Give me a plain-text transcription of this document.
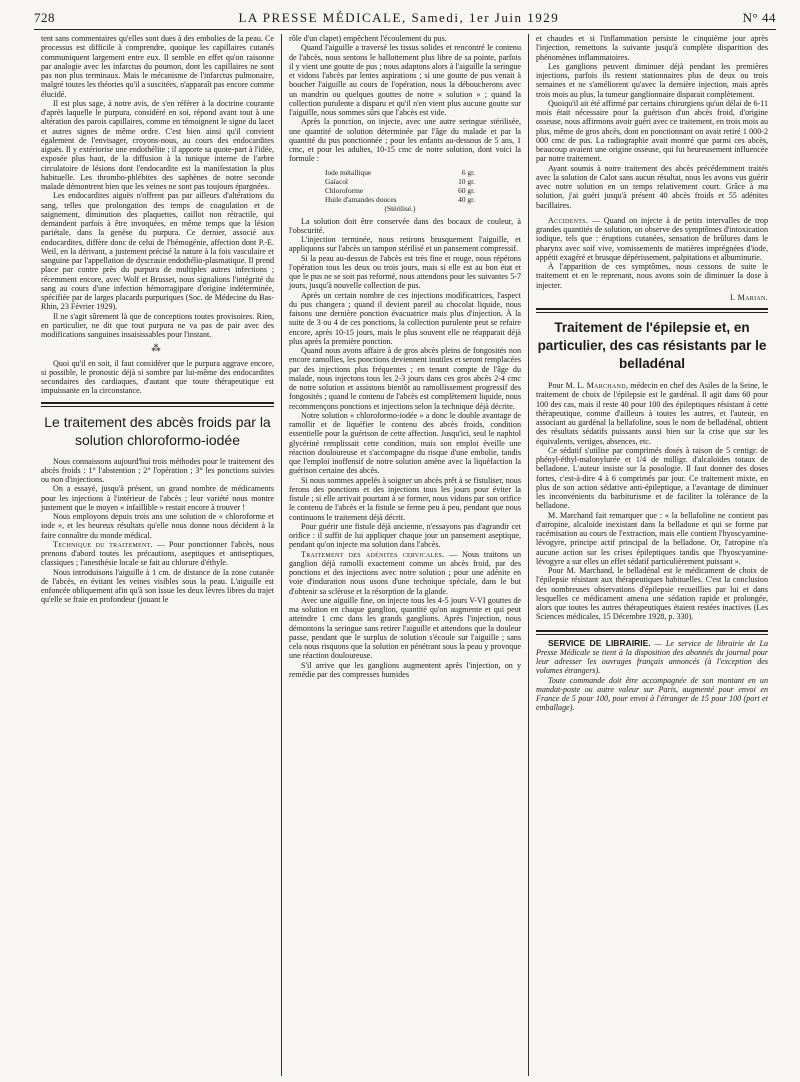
728	LA PRESSE MÉDICALE, Samedi, 1er Juin 1929	N° 44

tent sans commentaires qu'elles sont dues à des embolies de la peau. Ce processus est difficile à comprendre, quoique les capillaires cutanés communiquent largement entre eux. Il semble en effet qu'on raisonne par analogie avec les infarctus du poumon, dont les capillaires ne sont pas non plus terminaux. Mais le mécanisme de l'infarctus pulmonaire, malgré toutes les théories qu'il a suscitées, n'apparaît pas encore comme élucidé.

Il est plus sage, à notre avis, de s'en référer à la doctrine courante d'après laquelle le purpura, considéré en soi, répond avant tout à une altération des parois capillaires, comme en témoignent le signe du lacet et autres signes de même ordre. C'est bien ainsi qu'il convient également de l'envisager, croyons-nous, au cours des endocardites aiguës. Il y extériorise une endothélite ; il apporte sa quote-part à l'idée, exposée plus haut, de la diffusion à la tunique interne de l'arbre circulatoire de lésions dont l'endocardite est la manifestation la plus habituelle. Les thrombo-phlébites des saphènes de notre seconde malade démontrent bien que les veines ne sont pas toujours épargnées.

Les endocardites aiguës n'offrent pas par ailleurs d'altérations du sang, telles que prolongation des temps de coagulation et de saignement, diminution des plaquettes, caillot non rétractile, qui demandent parfois à être invoquées, en même temps que la lésion pariétale, dans la genèse du purpura. Ce dernier, associé aux endocardites, diffère donc de celui de l'hémogénie, affection dont P.-E. Weil, en la dérivant, a justement précisé la nature à la fois vasculaire et sanguine par l'appellation de dyscrasie endothélio-plasmatique. Il prend place par contre près du purpura de multiples autres infections ; récemment encore, avec Wolf et Brusset, nous signalions l'intégrité du sang au cours d'une infection hémorragipare d'origine indéterminée, spécifiée par de larges placards purpuriques (Soc. de Médecine du Bas-Rhin, 23 Février 1929).

Il ne s'agit sûrement là que de conceptions toutes provisoires. Rien, en particulier, ne dit que tout purpura ne va pas de pair avec des modifications sanguines insaisissables pour l'instant.

⁂

Quoi qu'il en soit, il faut considérer que le purpura aggrave encore, si possible, le pronostic déjà si sombre par lui-même des endocardites secondaires des cardiaques, d'autant que toute thérapeutique est impuissante en la circonstance.

Le traitement des abcès froids par la solution chloroformo-iodée

Nous connaissons aujourd'hui trois méthodes pour le traitement des abcès froids : 1° l'abstention ; 2° l'opération ; 3° les ponctions suivies ou non d'injections.

On a essayé, jusqu'à présent, un grand nombre de médicaments pour les injections à l'intérieur de l'abcès ; leur variété nous montre justement que le moyen « infaillible » restait encore à trouver !

Nous employons depuis trois ans une solution de « chloroforme et iode », et les heureux résultats qu'elle nous donne nous décident à la faire connaître du monde médical.

Technique du traitement. — Pour ponctionner l'abcès, nous prenons d'abord toutes les précautions, aseptiques et antiseptiques, classiques ; l'anesthésie locale se fait au chlorure d'éthyle.

Nous introduisons l'aiguille à 1 cm. de distance de la zone cutanée de l'abcès, en évitant les veines visibles sous la peau. L'aiguille est enfoncée obliquement afin qu'à son issue les deux lèvres libres du trajet qu'elle se fraie en profondeur (jouant le

rôle d'un clapet) empêchent l'écoulement du pus.

Quand l'aiguille a traversé les tissus solides et rencontré le contenu de l'abcès, nous sentons le ballottement plus libre de sa pointe, parfois il y vient une goutte de pus ; nous adaptons alors à l'aiguille la seringue et vidons l'abcès par lentes aspirations ; si une goutte de pus venait à boucher l'aiguille au cours de l'opération, nous la déboucherons avec un mandrin ou quelques gouttes de notre « solution » ; quand la collection purulente a disparu et qu'il n'en vient plus aucune goutte sur l'aiguille, nous sommes sûrs que l'abcès est vide.

Après la ponction, on injecte, avec une autre seringue stérilisée, une quantité de solution déterminée par l'âge du malade et par la quantité du pus ponctionnée ; pour les enfants au-dessous de 5 ans, 1 cmc, et pour les adultes, 10-15 cmc de notre solution, dont voici la formule :

Iode métallique	6 gr.
Gaïacol	10 gr.
Chloroforme	60 gr.
Huile d'amandes douces	40 gr.
(Stérilisé.)

La solution doit être conservée dans des bocaux de couleur, à l'obscurité.

L'injection terminée, nous retirons brusquement l'aiguille, et appliquons sur l'abcès un tampon stérilisé et un pansement compressif.

Si la peau au-dessus de l'abcès est très fine et rouge, nous répétons l'opération tous les deux ou trois jours, mais si elle est au bon état et que le pus ne se soit pas reformé, nous attendons pour les suivantes 5-7 jours, jusqu'à nouvelle collection de pus.

Après un certain nombre de ces injections modificatrices, l'aspect du pus changera ; quand il devient pareil au chocolat liquide, nous faisons une dernière ponction évacuatrice mais plus d'injection. À la suite de 3 ou 4 de ces ponctions, la collection purulente peut se refaire encore, après 10-15 jours, mais le plus souvent elle ne réapparait déjà plus après la première ponction.

Quand nous avons affaire à de gros abcès pleins de fongosités non encore ramollies, les ponctions deviennent inutiles et seront remplacées par des injections plus fréquentes ; en tenant compte de l'âge du malade, nous injectons tous les 2-3 jours dans ces gros abcès 2-4 cmc de notre solution et assistons bientôt au ramollissement progressif des fongosités ; quand le contenu de l'abcès est complètement liquide, nous recommençons ponctions et injections selon la technique déjà décrite.

Notre solution « chloroformo-iodée » a donc le double avantage de ramollir et de liquéfier le contenu des abcès froids, condition essentielle pour la guérison de cette affection. Jusqu'ici, seul le naphtol glycériné remplissait cette condition, mais son emploi éveille une réaction douloureuse et s'accompagne du risque d'une embolie, tandis que l'emploi inoffensif de notre solution amène avec la liquéfaction la guérison certaine des abcès.

Si nous sommes appelés à soigner un abcès prêt à se fistuliser, nous ferons des ponctions et des injections tous les jours pour éviter la fistule ; si elle arrivait pourtant à se former, nous vidons par son orifice le contenu de l'abcès et la fistule se ferme peu à peu, pendant que nous continuons le traitement déjà décrit.

Pour guérir une fistule déjà ancienne, n'essayons pas d'agrandir cet orifice : il suffit de lui appliquer chaque jour un pansement aseptique, pendant qu'on injecte ma solution dans l'abcès.

Traitement des adénites cervicales. — Nous traitons un ganglion déjà ramolli exactement comme un abcès froid, par des ponctions et des injections avec notre solution ; pour une adénite en voie d'induration nous usons d'une technique spéciale, dans le but d'obtenir sa sclérose et la résorption de la glande.

Avec une aiguille fine, on injecte tous les 4-5 jours V-VI gouttes de ma solution en chaque ganglion, quantité qu'on augmente et qui peut atteindre 1 cmc dans les grands ganglions. Après l'injection, nous démontons la seringue sans retirer l'aiguille et attendons que la douleur passe, pendant que le surplus de solution s'écoule sur l'aiguille ; sans cela nous risquons que la solution en pénétrant sous la peau y provoque une réaction douloureuse.

S'il arrive que les ganglions augmentent après l'injection, on y remédie par des compresses humides

et chaudes et si l'inflammation persiste le cinquième jour après l'injection, remettons la suivante jusqu'à complète disparition des phénomènes inflammatoires.

Les ganglions peuvent diminuer déjà pendant les premières injections, parfois ils restent stationnaires plus de deux ou trois semaines et ne s'améliorent qu'avec la dernière injection, mais après trois mois au plus, la tumeur ganglionnaire disparait complètement.

Quoiqu'il ait été affirmé par certains chirurgiens qu'un délai de 6-11 mois était nécessaire pour la guérison d'un abcès froid, d'origine osseuse, nous affirmons avoir guéri avec ce traitement, en trois mois au plus, même de gros abcès, dont en ponctionnant on avait retiré 1 000-2 000 cmc de pus. La radiographie avait montré que parmi ces abcès, beaucoup avaient une origine osseuse, qui fut heureusement influencée par notre traitement.

Ayant soumis à notre traitement des abcès précédemment traités avec la solution de Calot sans aucun résultat, nous les avons vus guérir avec notre solution en un temps relativement court. Grâce à ma solution, j'ai guéri jusqu'à présent 40 abcès froids et 55 adénites bacillaires.

Accidents. — Quand on injecte à de petits intervalles de trop grandes quantités de solution, on observe des symptômes d'intoxication iodique, tels que : éruptions cutanées, sensation de brûlures dans le pharynx avec soif vive, vomissements de matières imprégnées d'iode, appétit exagéré et brusque dépérissement, palpitations et albuminurie.

À l'apparition de ces symptômes, nous cessons de suite le traitement et en le reprenant, nous avons soin de diminuer la dose à injecter.

I. Marian.
Traitement de l'épilepsie et, en particulier, des cas résistants par le belladénal

Pour M. L. Marchand, médecin en chef des Asiles de la Seine, le traitement de choix de l'épilepsie est le gardénal. Il agit dans 60 pour 100 des cas, mais il reste 40 pour 100 des épileptiques résistant à cette thérapeutique, comme d'ailleurs à toutes les autres, et l'auteur, en associant au gardénal la bellafoline, sous le nom de belladénal, obtient des résultats sédatifs puissants aussi bien sur la crise que sur les équivalents, vertiges, absences, etc.

Ce sédatif s'utilise par comprimés dosés à raison de 5 centigr. de phényl-éthyl-malonylurée et 1/4 de milligr. d'alcaloïdes totaux de belladone. L'auteur insiste sur la posologie. Il faut donner des doses fortes, c'est-à-dire 4 à 6 comprimés par jour. Ce traitement mixte, en plus de son action sédative anti-épileptique, a l'avantage de diminuer les inconvénients du barbiturisme et de faciliter la tolérance de la belladone.

M. Marchand fait remarquer que : « la bellafoline ne contient pas d'atropine, alcaloïde inexistant dans la belladone et qui se forme par racémisation au cours de l'extraction, mais elle contient l'hyoscyamine-lévogyre, principe actif principal de la belladone. Or, l'atropine n'a aucune action sur les crises épileptiques tandis que l'hyoscyamine-lévogyre a sur elles un effet sédatif particulièrement puissant ».

Pour M. Marchand, le belladénal est le médicament de choix de l'épilepsie résistant aux thérapeutiques habituelles. C'est la conclusion des nombreuses observations d'épilepsie recueillies par lui et dans lesquelles ce médicament amena une sédation rapide et prolongée, alors que toutes les autres thérapeutiques étaient restées inactives (Les Sciences médicales, 15 Décembre 1928, p. 330).

SERVICE DE LIBRAIRIE. — Le service de librairie de La Presse Médicale se tient à la disposition des abonnés du journal pour leur adresser les ouvrages français annoncés (à l'exception des volumes étrangers).

Toute commande doit être accompagnée de son montant en un mandat-poste ou autre valeur sur Paris, augmenté pour envoi en France de 5 pour 100, pour envoi à l'étranger de 15 pour 100 (port et emballage).
